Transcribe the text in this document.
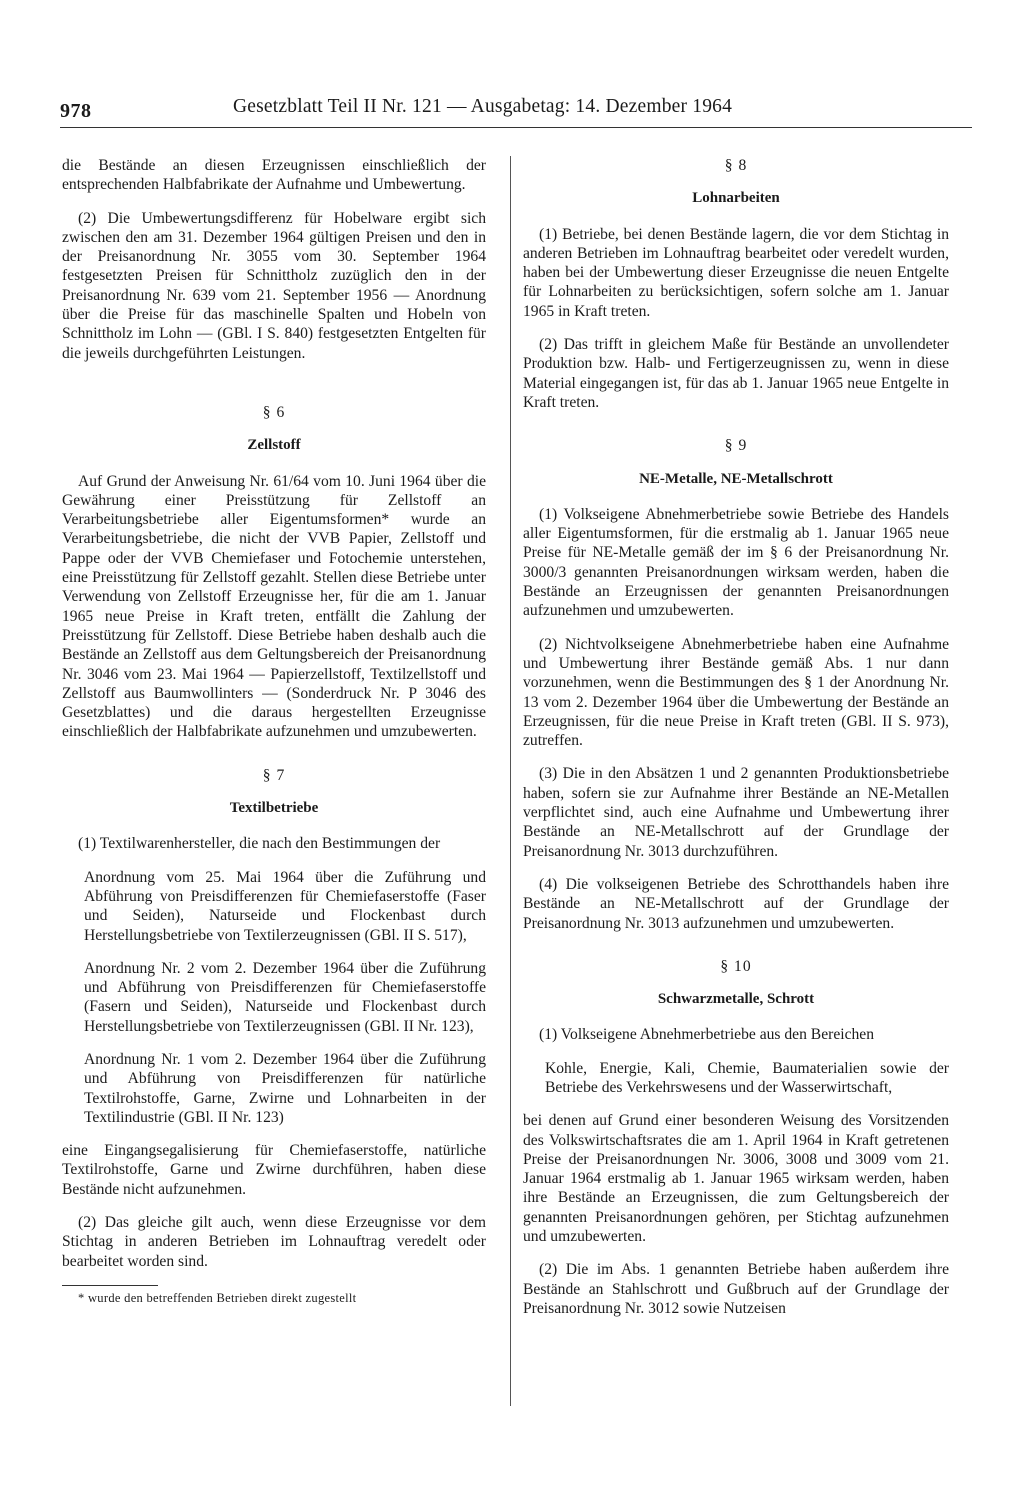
978	Gesetzblatt Teil II Nr. 121 — Ausgabetag: 14. Dezember 1964

die Bestände an diesen Erzeugnissen einschließlich der entsprechenden Halbfabrikate der Aufnahme und Umbewertung.

(2) Die Umbewertungsdifferenz für Hobelware ergibt sich zwischen den am 31. Dezember 1964 gültigen Preisen und den in der Preisanordnung Nr. 3055 vom 30. September 1964 festgesetzten Preisen für Schnittholz zuzüglich den in der Preisanordnung Nr. 639 vom 21. September 1956 — Anordnung über die Preise für das maschinelle Spalten und Hobeln von Schnittholz im Lohn — (GBl. I S. 840) festgesetzten Entgelten für die jeweils durchgeführten Leistungen.

§ 6
Zellstoff

Auf Grund der Anweisung Nr. 61/64 vom 10. Juni 1964 über die Gewährung einer Preisstützung für Zellstoff an Verarbeitungsbetriebe aller Eigentumsformen* wurde an Verarbeitungsbetriebe, die nicht der VVB Papier, Zellstoff und Pappe oder der VVB Chemiefaser und Fotochemie unterstehen, eine Preisstützung für Zellstoff gezahlt. Stellen diese Betriebe unter Verwendung von Zellstoff Erzeugnisse her, für die am 1. Januar 1965 neue Preise in Kraft treten, entfällt die Zahlung der Preisstützung für Zellstoff. Diese Betriebe haben deshalb auch die Bestände an Zellstoff aus dem Geltungsbereich der Preisanordnung Nr. 3046 vom 23. Mai 1964 — Papierzellstoff, Textilzellstoff und Zellstoff aus Baumwollinters — (Sonderdruck Nr. P 3046 des Gesetzblattes) und die daraus hergestellten Erzeugnisse einschließlich der Halbfabrikate aufzunehmen und umzubewerten.

§ 7
Textilbetriebe

(1) Textilwarenhersteller, die nach den Bestimmungen der

Anordnung vom 25. Mai 1964 über die Zuführung und Abführung von Preisdifferenzen für Chemiefaserstoffe (Faser und Seiden), Naturseide und Flockenbast durch Herstellungsbetriebe von Textilerzeugnissen (GBl. II S. 517),

Anordnung Nr. 2 vom 2. Dezember 1964 über die Zuführung und Abführung von Preisdifferenzen für Chemiefaserstoffe (Fasern und Seiden), Naturseide und Flockenbast durch Herstellungsbetriebe von Textilerzeugnissen (GBl. II Nr. 123),

Anordnung Nr. 1 vom 2. Dezember 1964 über die Zuführung und Abführung von Preisdifferenzen für natürliche Textilrohstoffe, Garne, Zwirne und Lohnarbeiten in der Textilindustrie (GBl. II Nr. 123)

eine Eingangsegalisierung für Chemiefaserstoffe, natürliche Textilrohstoffe, Garne und Zwirne durchführen, haben diese Bestände nicht aufzunehmen.

(2) Das gleiche gilt auch, wenn diese Erzeugnisse vor dem Stichtag in anderen Betrieben im Lohnauftrag veredelt oder bearbeitet worden sind.

* wurde den betreffenden Betrieben direkt zugestellt
§ 8
Lohnarbeiten

(1) Betriebe, bei denen Bestände lagern, die vor dem Stichtag in anderen Betrieben im Lohnauftrag bearbeitet oder veredelt wurden, haben bei der Umbewertung dieser Erzeugnisse die neuen Entgelte für Lohnarbeiten zu berücksichtigen, sofern solche am 1. Januar 1965 in Kraft treten.

(2) Das trifft in gleichem Maße für Bestände an unvollendeter Produktion bzw. Halb- und Fertigerzeugnissen zu, wenn in diese Material eingegangen ist, für das ab 1. Januar 1965 neue Entgelte in Kraft treten.

§ 9
NE-Metalle, NE-Metallschrott

(1) Volkseigene Abnehmerbetriebe sowie Betriebe des Handels aller Eigentumsformen, für die erstmalig ab 1. Januar 1965 neue Preise für NE-Metalle gemäß der im § 6 der Preisanordnung Nr. 3000/3 genannten Preisanordnungen wirksam werden, haben die Bestände an Erzeugnissen der genannten Preisanordnungen aufzunehmen und umzubewerten.

(2) Nichtvolkseigene Abnehmerbetriebe haben eine Aufnahme und Umbewertung ihrer Bestände gemäß Abs. 1 nur dann vorzunehmen, wenn die Bestimmungen des § 1 der Anordnung Nr. 13 vom 2. Dezember 1964 über die Umbewertung der Bestände an Erzeugnissen, für die neue Preise in Kraft treten (GBl. II S. 973), zutreffen.

(3) Die in den Absätzen 1 und 2 genannten Produktionsbetriebe haben, sofern sie zur Aufnahme ihrer Bestände an NE-Metallen verpflichtet sind, auch eine Aufnahme und Umbewertung ihrer Bestände an NE-Metallschrott auf der Grundlage der Preisanordnung Nr. 3013 durchzuführen.

(4) Die volkseigenen Betriebe des Schrotthandels haben ihre Bestände an NE-Metallschrott auf der Grundlage der Preisanordnung Nr. 3013 aufzunehmen und umzubewerten.

§ 10
Schwarzmetalle, Schrott

(1) Volkseigene Abnehmerbetriebe aus den Bereichen

Kohle, Energie, Kali, Chemie, Baumaterialien sowie der Betriebe des Verkehrswesens und der Wasserwirtschaft,

bei denen auf Grund einer besonderen Weisung des Vorsitzenden des Volkswirtschaftsrates die am 1. April 1964 in Kraft getretenen Preise der Preisanordnungen Nr. 3006, 3008 und 3009 vom 21. Januar 1964 erstmalig ab 1. Januar 1965 wirksam werden, haben ihre Bestände an Erzeugnissen, die zum Geltungsbereich der genannten Preisanordnungen gehören, per Stichtag aufzunehmen und umzubewerten.

(2) Die im Abs. 1 genannten Betriebe haben außerdem ihre Bestände an Stahlschrott und Gußbruch auf der Grundlage der Preisanordnung Nr. 3012 sowie Nutzeisen
